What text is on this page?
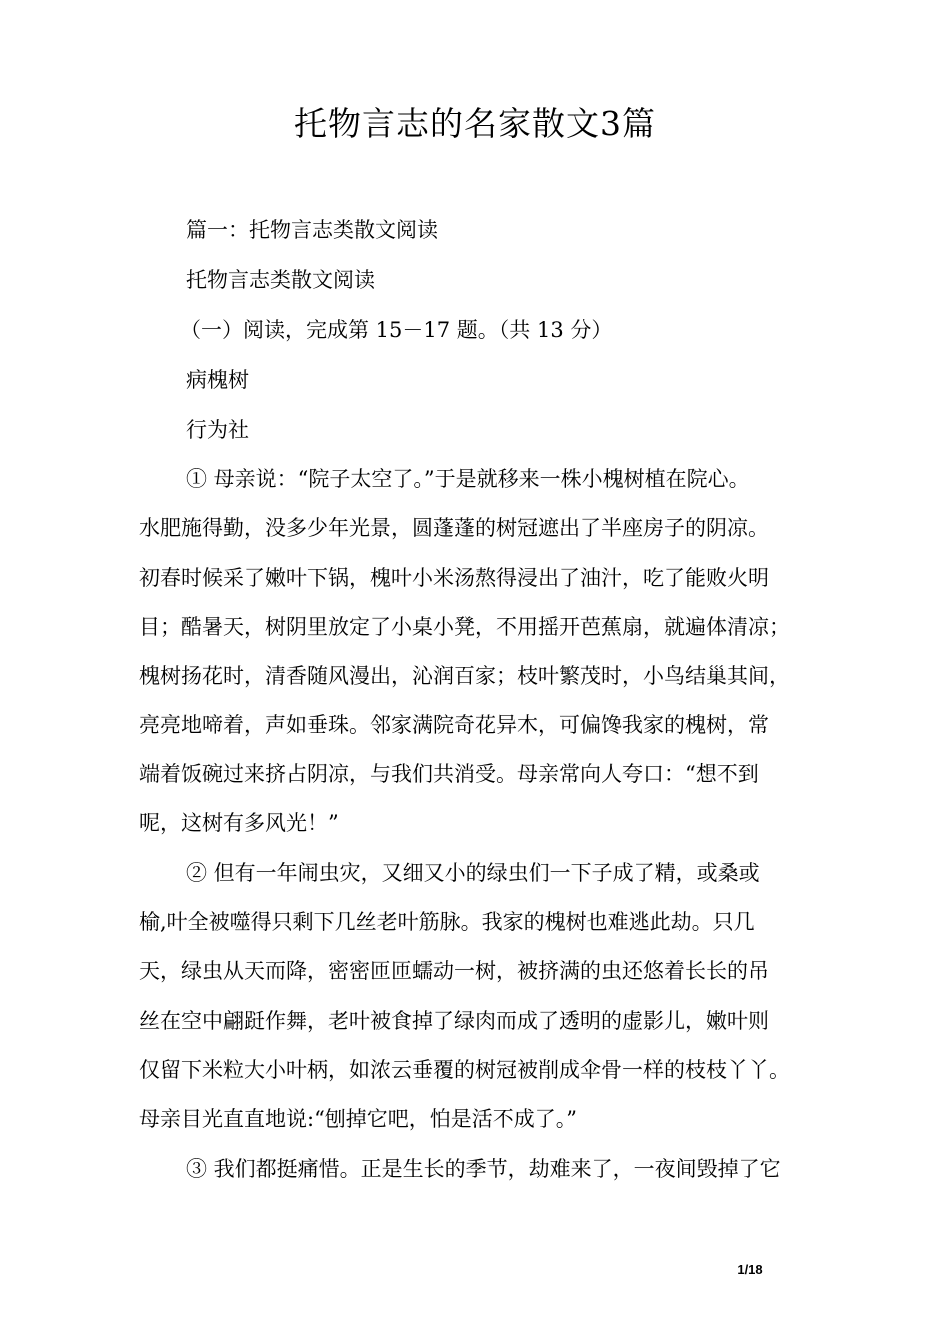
托物言志的名家散文3篇
篇一：托物言志类散文阅读
托物言志类散文阅读
（一）阅读，完成第 15－17 题。（共 13 分）
病槐树
行为社
① 母亲说：“院子太空了。”于是就移来一株小槐树植在院心。
水肥施得勤，没多少年光景，圆蓬蓬的树冠遮出了半座房子的阴凉。
初春时候采了嫩叶下锅，槐叶小米汤熬得浸出了油汁，吃了能败火明
目；酷暑天，树阴里放定了小桌小凳，不用摇开芭蕉扇，就遍体清凉；
槐树扬花时，清香随风漫出，沁润百家；枝叶繁茂时，小鸟结巢其间，
亮亮地啼着，声如垂珠。邻家满院奇花异木，可偏馋我家的槐树，常
端着饭碗过来挤占阴凉，与我们共消受。母亲常向人夸口：“想不到
呢，这树有多风光！”
② 但有一年闹虫灾，又细又小的绿虫们一下子成了精，或桑或
榆,叶全被噬得只剩下几丝老叶筋脉。我家的槐树也难逃此劫。只几
天，绿虫从天而降，密密匝匝蠕动一树，被挤满的虫还悠着长长的吊
丝在空中翩跹作舞，老叶被食掉了绿肉而成了透明的虚影儿，嫩叶则
仅留下米粒大小叶柄，如浓云垂覆的树冠被削成伞骨一样的枝枝丫丫。
母亲目光直直地说:“刨掉它吧，怕是活不成了。”
③ 我们都挺痛惜。正是生长的季节，劫难来了，一夜间毁掉了它
1/18
